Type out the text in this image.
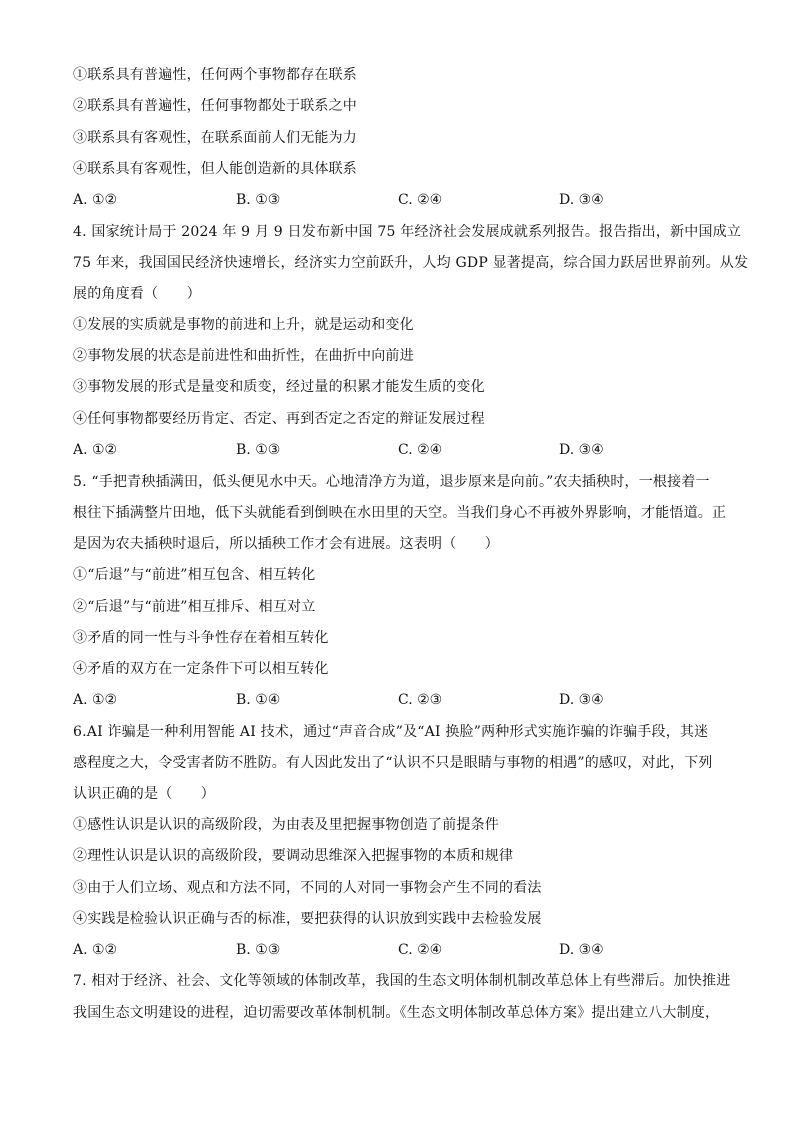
①联系具有普遍性，任何两个事物都存在联系
②联系具有普遍性，任何事物都处于联系之中
③联系具有客观性，在联系面前人们无能为力
④联系具有客观性，但人能创造新的具体联系
A. ①②	B. ①③	C. ②④	D. ③④
4. 国家统计局于 2024 年 9 月 9 日发布新中国 75 年经济社会发展成就系列报告。报告指出，新中国成立
75 年来，我国国民经济快速增长，经济实力空前跃升，人均 GDP 显著提高，综合国力跃居世界前列。从发
展的角度看（　　）
①发展的实质就是事物的前进和上升，就是运动和变化
②事物发展的状态是前进性和曲折性，在曲折中向前进
③事物发展的形式是量变和质变，经过量的积累才能发生质的变化
④任何事物都要经历肯定、否定、再到否定之否定的辩证发展过程
A. ①②	B. ①③	C. ②④	D. ③④
5. “手把青秧插满田，低头便见水中天。心地清净方为道，退步原来是向前。”农夫插秧时，一根接着一
根往下插满整片田地，低下头就能看到倒映在水田里的天空。当我们身心不再被外界影响，才能悟道。正
是因为农夫插秧时退后，所以插秧工作才会有进展。这表明（　　）
①“后退”与“前进”相互包含、相互转化
②“后退”与“前进”相互排斥、相互对立
③矛盾的同一性与斗争性存在着相互转化
④矛盾的双方在一定条件下可以相互转化
A. ①②	B. ①④	C. ②③	D. ③④
6.AI 诈骗是一种利用智能 AI 技术，通过“声音合成”及“AI 换脸”两种形式实施诈骗的诈骗手段，其迷
惑程度之大，令受害者防不胜防。有人因此发出了“认识不只是眼睛与事物的相遇”的感叹，对此，下列
认识正确的是（　　）
①感性认识是认识的高级阶段，为由表及里把握事物创造了前提条件
②理性认识是认识的高级阶段，要调动思维深入把握事物的本质和规律
③由于人们立场、观点和方法不同，不同的人对同一事物会产生不同的看法
④实践是检验认识正确与否的标准，要把获得的认识放到实践中去检验发展
A. ①②	B. ①③	C. ②④	D. ③④
7. 相对于经济、社会、文化等领域的体制改革，我国的生态文明体制机制改革总体上有些滞后。加快推进
我国生态文明建设的进程，迫切需要改革体制机制。《生态文明体制改革总体方案》提出建立八大制度，
